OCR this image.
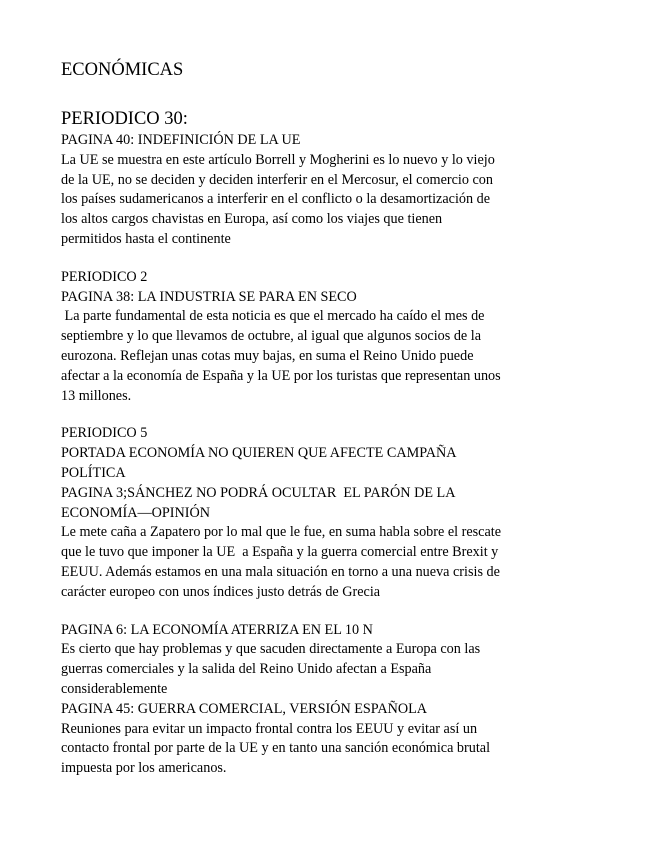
ECONÓMICAS
PERIODICO 30:

PAGINA 40: INDEFINICIÓN DE LA UE

La UE se muestra en este artículo Borrell y Mogherini es lo nuevo y lo viejo

de la UE, no se deciden y deciden interferir en el Mercosur, el comercio con

los países sudamericanos a interferir en el conflicto o la desamortización de

los altos cargos chavistas en Europa, así como los viajes que tienen

permitidos hasta el continente

PERIODICO 2

PAGINA 38: LA INDUSTRIA SE PARA EN SECO

La parte fundamental de esta noticia es que el mercado ha caído el mes de

septiembre y lo que llevamos de octubre, al igual que algunos socios de la

eurozona. Reflejan unas cotas muy bajas, en suma el Reino Unido puede

afectar a la economía de España y la UE por los turistas que representan unos

13 millones.

PERIODICO 5

PORTADA ECONOMÍA NO QUIEREN QUE AFECTE CAMPAÑA

POLÍTICA

PAGINA 3;SÁNCHEZ NO PODRÁ OCULTAR  EL PARÓN DE LA

ECONOMÍA—OPINIÓN

Le mete caña a Zapatero por lo mal que le fue, en suma habla sobre el rescate

que le tuvo que imponer la UE  a España y la guerra comercial entre Brexit y

EEUU. Además estamos en una mala situación en torno a una nueva crisis de

carácter europeo con unos índices justo detrás de Grecia

PAGINA 6: LA ECONOMÍA ATERRIZA EN EL 10 N

Es cierto que hay problemas y que sacuden directamente a Europa con las

guerras comerciales y la salida del Reino Unido afectan a España

considerablemente

PAGINA 45: GUERRA COMERCIAL, VERSIÓN ESPAÑOLA

Reuniones para evitar un impacto frontal contra los EEUU y evitar así un

contacto frontal por parte de la UE y en tanto una sanción económica brutal

impuesta por los americanos.
